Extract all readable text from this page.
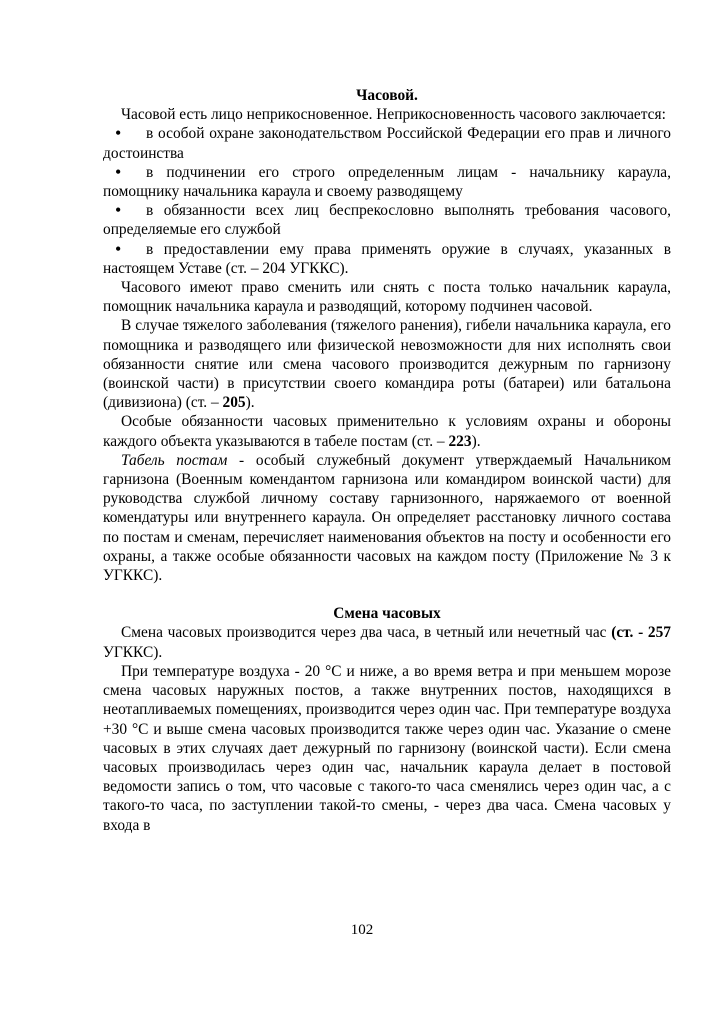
Часовой.

Часовой есть лицо неприкосновенное. Неприкосновенность часового заключается:

• в особой охране законодательством Российской Федерации его прав и личного достоинства
• в подчинении его строго определенным лицам - начальнику караула, помощнику начальника караула и своему разводящему
• в обязанности всех лиц беспрекословно выполнять требования часового, определяемые его службой
• в предоставлении ему права применять оружие в случаях, указанных в настоящем Уставе (ст. – 204 УГККС).

Часового имеют право сменить или снять с поста только начальник караула, помощник начальника караула и разводящий, которому подчинен часовой.

В случае тяжелого заболевания (тяжелого ранения), гибели начальника караула, его помощника и разводящего или физической невозможности для них исполнять свои обязанности снятие или смена часового производится дежурным по гарнизону (воинской части) в присутствии своего командира роты (батареи) или батальона (дивизиона) (ст. – 205).

Особые обязанности часовых применительно к условиям охраны и обороны каждого объекта указываются в табеле постам (ст. – 223).

Табель постам - особый служебный документ утверждаемый Начальником гарнизона (Военным комендантом гарнизона или командиром воинской части) для руководства службой личному составу гарнизонного, наряжаемого от военной комендатуры или внутреннего караула. Он определяет расстановку личного состава по постам и сменам, перечисляет наименования объектов на посту и особенности его охраны, а также особые обязанности часовых на каждом посту (Приложение № 3 к УГККС).

Смена часовых

Смена часовых производится через два часа, в четный или нечетный час (ст. - 257 УГККС).

При температуре воздуха - 20 °С и ниже, а во время ветра и при меньшем морозе смена часовых наружных постов, а также внутренних постов, находящихся в неотапливаемых помещениях, производится через один час. При температуре воздуха +30 °С и выше смена часовых производится также через один час. Указание о смене часовых в этих случаях дает дежурный по гарнизону (воинской части). Если смена часовых производилась через один час, начальник караула делает в постовой ведомости запись о том, что часовые с такого-то часа сменялись через один час, а с такого-то часа, по заступлении такой-то смены, - через два часа. Смена часовых у входа в

102
